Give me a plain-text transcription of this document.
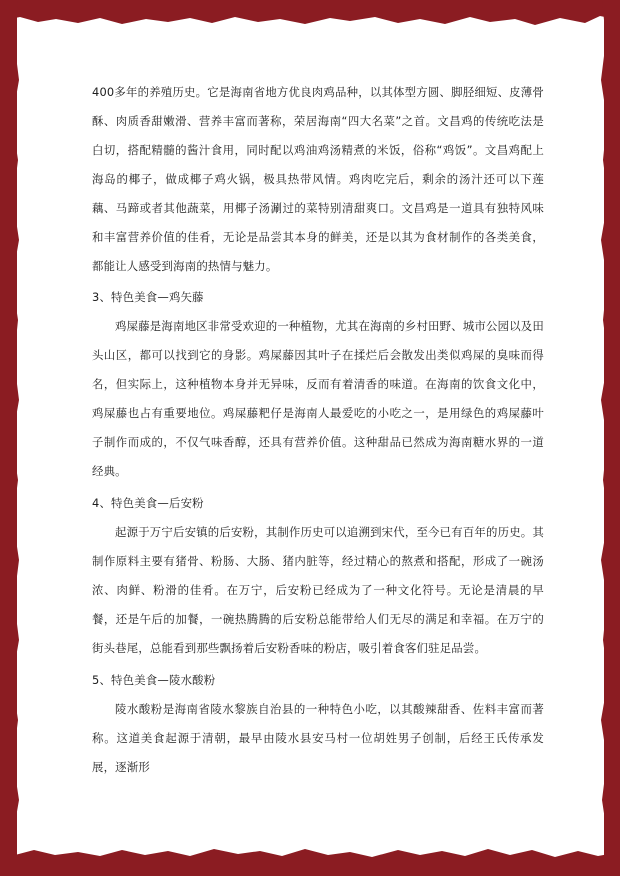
400多年的养殖历史。它是海南省地方优良肉鸡品种，以其体型方圆、脚胫细短、皮薄骨酥、肉质香甜嫩滑、营养丰富而著称，荣居海南“四大名菜”之首。文昌鸡的传统吃法是白切，搭配精髓的酱汁食用，同时配以鸡油鸡汤精煮的米饭，俗称“鸡饭”。文昌鸡配上海岛的椰子，做成椰子鸡火锅，极具热带风情。鸡肉吃完后，剩余的汤汁还可以下莲藕、马蹄或者其他蔬菜，用椰子汤涮过的菜特别清甜爽口。文昌鸡是一道具有独特风味和丰富营养价值的佳肴，无论是品尝其本身的鲜美，还是以其为食材制作的各类美食，都能让人感受到海南的热情与魅力。

3、特色美食—鸡矢藤

鸡屎藤是海南地区非常受欢迎的一种植物，尤其在海南的乡村田野、城市公园以及田头山区，都可以找到它的身影。鸡屎藤因其叶子在揉烂后会散发出类似鸡屎的臭味而得名，但实际上，这种植物本身并无异味，反而有着清香的味道。在海南的饮食文化中，鸡屎藤也占有重要地位。鸡屎藤粑仔是海南人最爱吃的小吃之一，是用绿色的鸡屎藤叶子制作而成的，不仅气味香醇，还具有营养价值。这种甜品已然成为海南糖水界的一道经典。

4、特色美食—后安粉

起源于万宁后安镇的后安粉，其制作历史可以追溯到宋代，至今已有百年的历史。其制作原料主要有猪骨、粉肠、大肠、猪内脏等，经过精心的熬煮和搭配，形成了一碗汤浓、肉鲜、粉滑的佳肴。在万宁，后安粉已经成为了一种文化符号。无论是清晨的早餐，还是午后的加餐，一碗热腾腾的后安粉总能带给人们无尽的满足和幸福。在万宁的街头巷尾，总能看到那些飘扬着后安粉香味的粉店，吸引着食客们驻足品尝。

5、特色美食—陵水酸粉

陵水酸粉是海南省陵水黎族自治县的一种特色小吃，以其酸辣甜香、佐料丰富而著称。这道美食起源于清朝，最早由陵水县安马村一位胡姓男子创制，后经王氏传承发展，逐渐形
